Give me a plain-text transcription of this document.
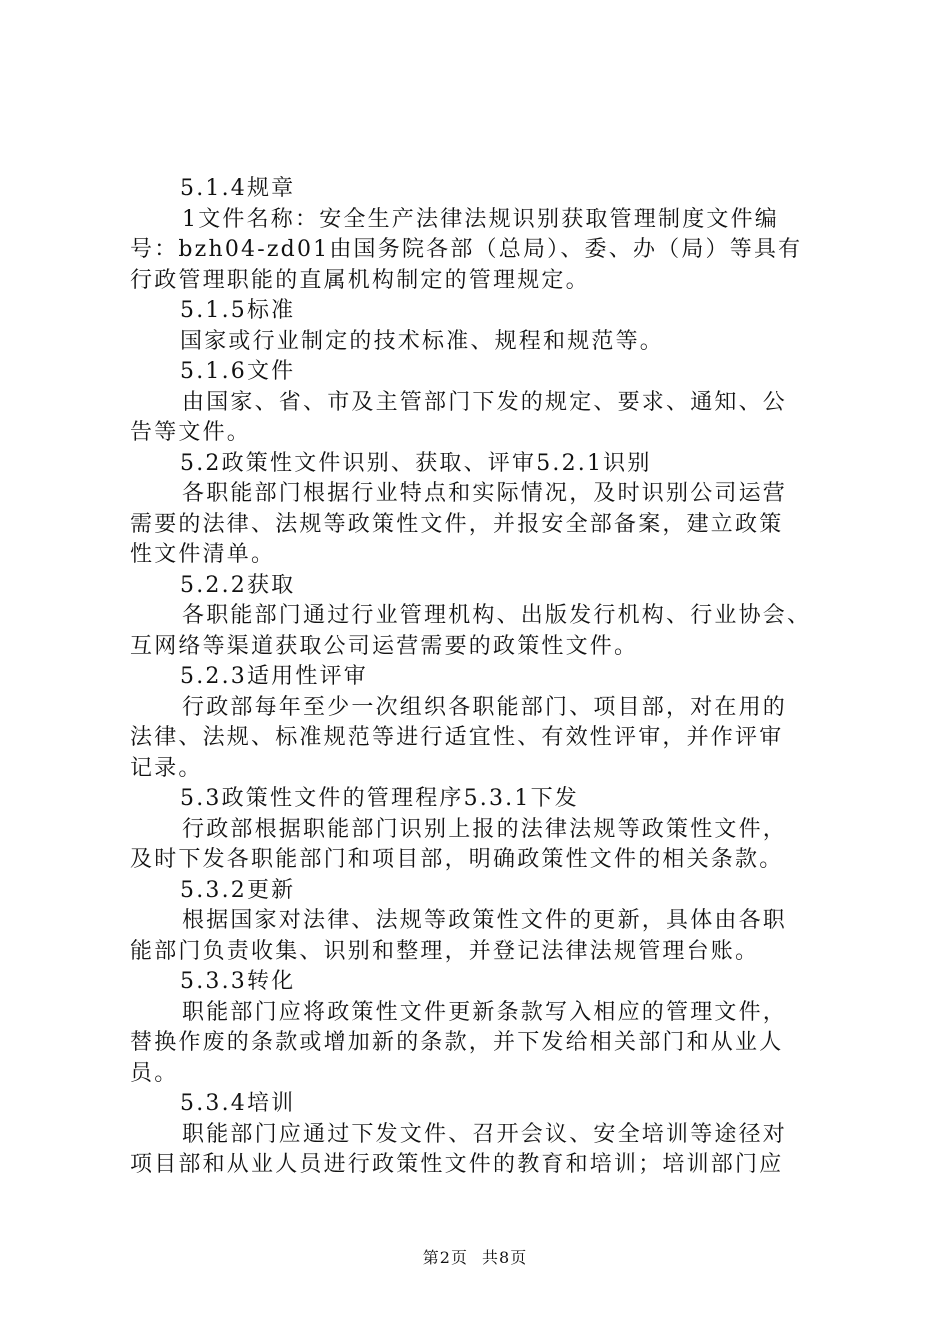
5.1.4规章
1文件名称：安全生产法律法规识别获取管理制度文件编
号：bzh04-zd01由国务院各部（总局）、委、办（局）等具有
行政管理职能的直属机构制定的管理规定。
5.1.5标准
国家或行业制定的技术标准、规程和规范等。
5.1.6文件
由国家、省、市及主管部门下发的规定、要求、通知、公
告等文件。
5.2政策性文件识别、获取、评审5.2.1识别
各职能部门根据行业特点和实际情况，及时识别公司运营
需要的法律、法规等政策性文件，并报安全部备案，建立政策
性文件清单。
5.2.2获取
各职能部门通过行业管理机构、出版发行机构、行业协会、
互网络等渠道获取公司运营需要的政策性文件。
5.2.3适用性评审
行政部每年至少一次组织各职能部门、项目部，对在用的
法律、法规、标准规范等进行适宜性、有效性评审，并作评审
记录。
5.3政策性文件的管理程序5.3.1下发
行政部根据职能部门识别上报的法律法规等政策性文件，
及时下发各职能部门和项目部，明确政策性文件的相关条款。
5.3.2更新
根据国家对法律、法规等政策性文件的更新，具体由各职
能部门负责收集、识别和整理，并登记法律法规管理台账。
5.3.3转化
职能部门应将政策性文件更新条款写入相应的管理文件，
替换作废的条款或增加新的条款，并下发给相关部门和从业人
员。
5.3.4培训
职能部门应通过下发文件、召开会议、安全培训等途径对
项目部和从业人员进行政策性文件的教育和培训；培训部门应
第2页 共8页
